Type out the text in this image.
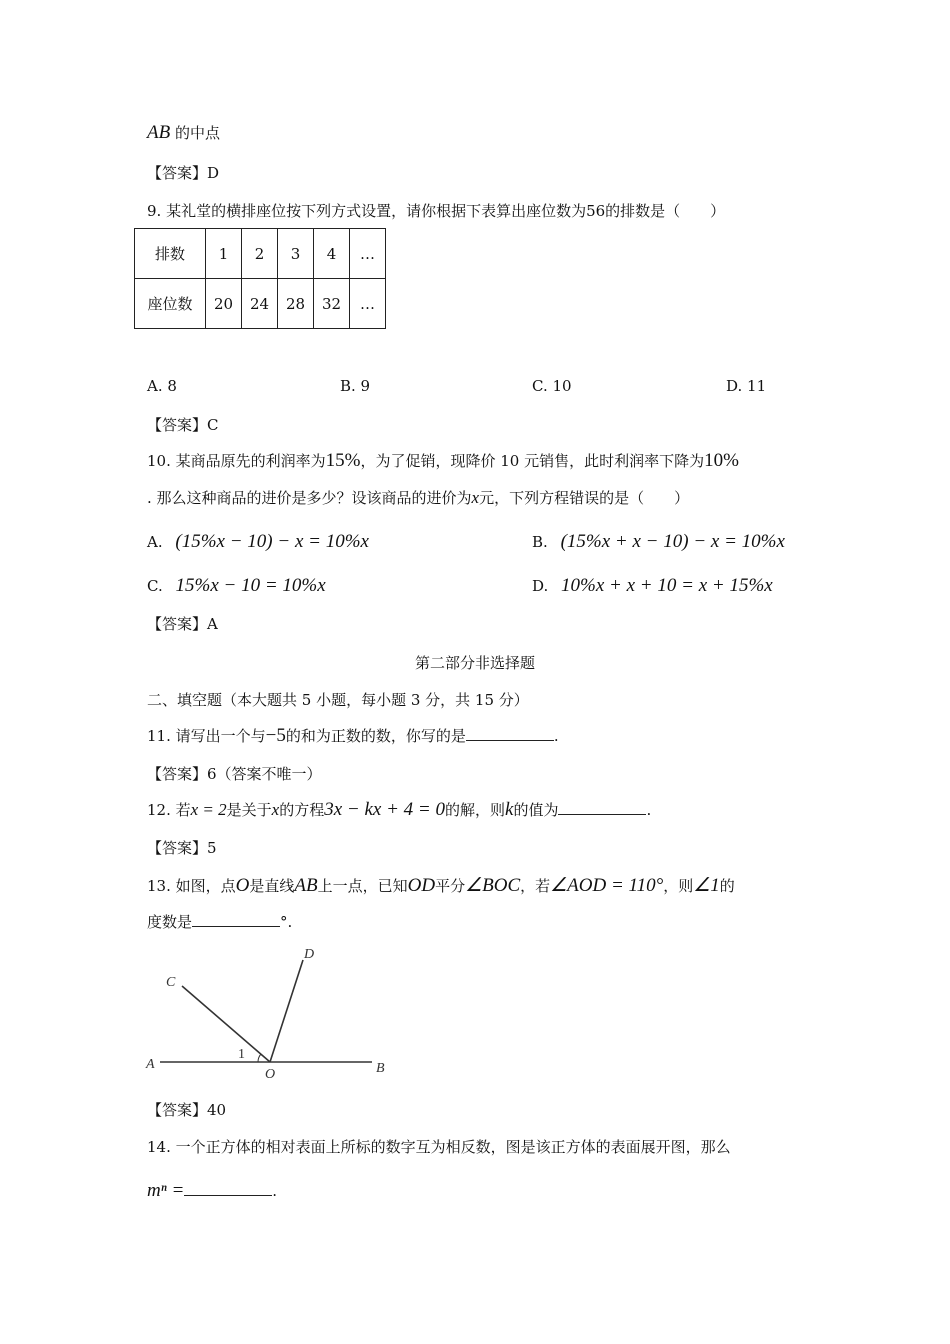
AB 的中点
【答案】D
9. 某礼堂的横排座位按下列方式设置，请你根据下表算出座位数为56的排数是（　　）
排数	1	2	3	4	…
座位数	20	24	28	32	…
A. 8	B. 9	C. 10	D. 11
【答案】C
10. 某商品原先的利润率为15%，为了促销，现降价 10 元销售，此时利润率下降为10%
. 那么这种商品的进价是多少？设该商品的进价为x元，下列方程错误的是（　　）
A. (15%x − 10) − x = 10%x	B. (15%x + x − 10) − x = 10%x
C. 15%x − 10 = 10%x	D. 10%x + x + 10 = x + 15%x
【答案】A
第二部分非选择题
二、填空题（本大题共 5 小题，每小题 3 分，共 15 分）
11. 请写出一个与−5的和为正数的数，你写的是	.
【答案】6（答案不唯一）
12. 若x = 2是关于x的方程3x − kx + 4 = 0的解，则k的值为	.
【答案】5
13. 如图，点O是直线AB上一点，已知OD平分∠BOC，若∠AOD = 110°，则∠1的
度数是	°.
A	B
C
D
O
1
【答案】40
14. 一个正方体的相对表面上所标的数字互为相反数，图是该正方体的表面展开图，那么
mⁿ =	.
